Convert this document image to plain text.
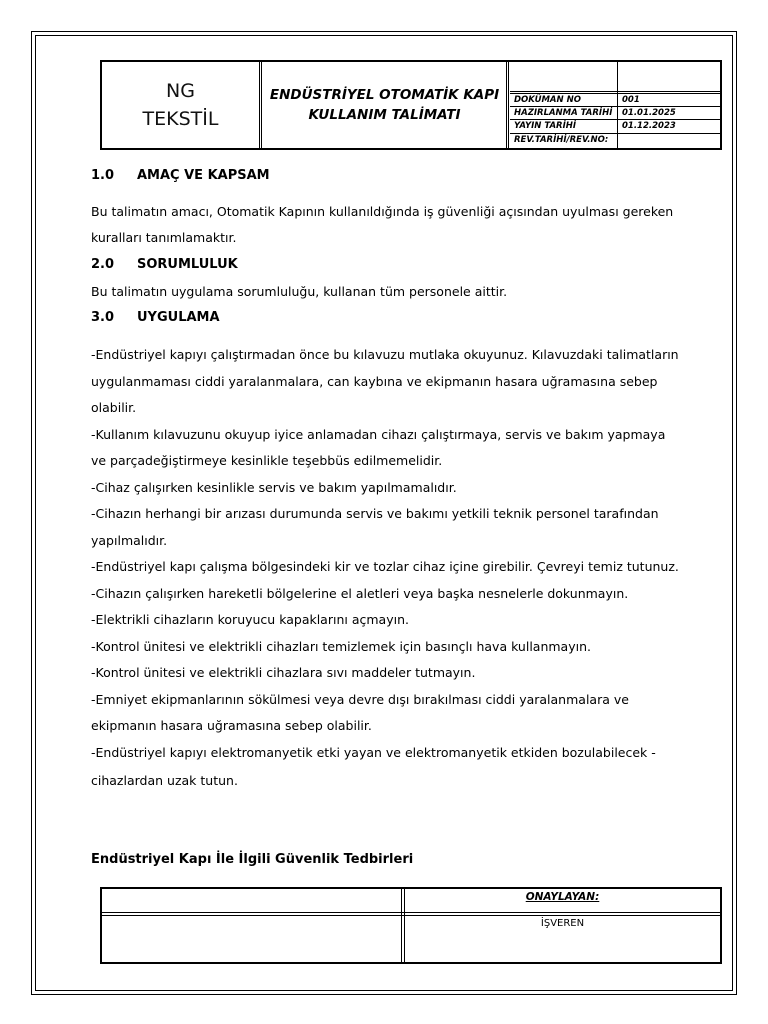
NG
TEKSTİL
ENDÜSTRİYEL OTOMATİK KAPI
KULLANIM TALİMATI
DOKÜMAN NO	001
HAZIRLANMA TARİHİ 01.01.2025
YAYIN TARİHİ	01.12.2023
REV.TARİHİ/REV.NO:
1.0 AMAÇ VE KAPSAM
Bu talimatın amacı, Otomatik Kapının kullanıldığında iş güvenliği açısından uyulması gereken
kuralları tanımlamaktır.
2.0 SORUMLULUK
Bu talimatın uygulama sorumluluğu, kullanan tüm personele aittir.
3.0 UYGULAMA
-Endüstriyel kapıyı çalıştırmadan önce bu kılavuzu mutlaka okuyunuz. Kılavuzdaki talimatların
uygulanmaması ciddi yaralanmalara, can kaybına ve ekipmanın hasara uğramasına sebep
olabilir.
-Kullanım kılavuzunu okuyup iyice anlamadan cihazı çalıştırmaya, servis ve bakım yapmaya
ve parçadeğiştirmeye kesinlikle teşebbüs edilmemelidir.
-Cihaz çalışırken kesinlikle servis ve bakım yapılmamalıdır.
-Cihazın herhangi bir arızası durumunda servis ve bakımı yetkili teknik personel tarafından
yapılmalıdır.
-Endüstriyel kapı çalışma bölgesindeki kir ve tozlar cihaz içine girebilir. Çevreyi temiz tutunuz.
-Cihazın çalışırken hareketli bölgelerine el aletleri veya başka nesnelerle dokunmayın.
-Elektrikli cihazların koruyucu kapaklarını açmayın.
-Kontrol ünitesi ve elektrikli cihazları temizlemek için basınçlı hava kullanmayın.
-Kontrol ünitesi ve elektrikli cihazlara sıvı maddeler tutmayın.
-Emniyet ekipmanlarının sökülmesi veya devre dışı bırakılması ciddi yaralanmalara ve
ekipmanın hasara uğramasına sebep olabilir.
-Endüstriyel kapıyı elektromanyetik etki yayan ve elektromanyetik etkiden bozulabilecek -
cihazlardan uzak tutun.
Endüstriyel Kapı İle İlgili Güvenlik Tedbirleri
ONAYLAYAN:
İŞVEREN
